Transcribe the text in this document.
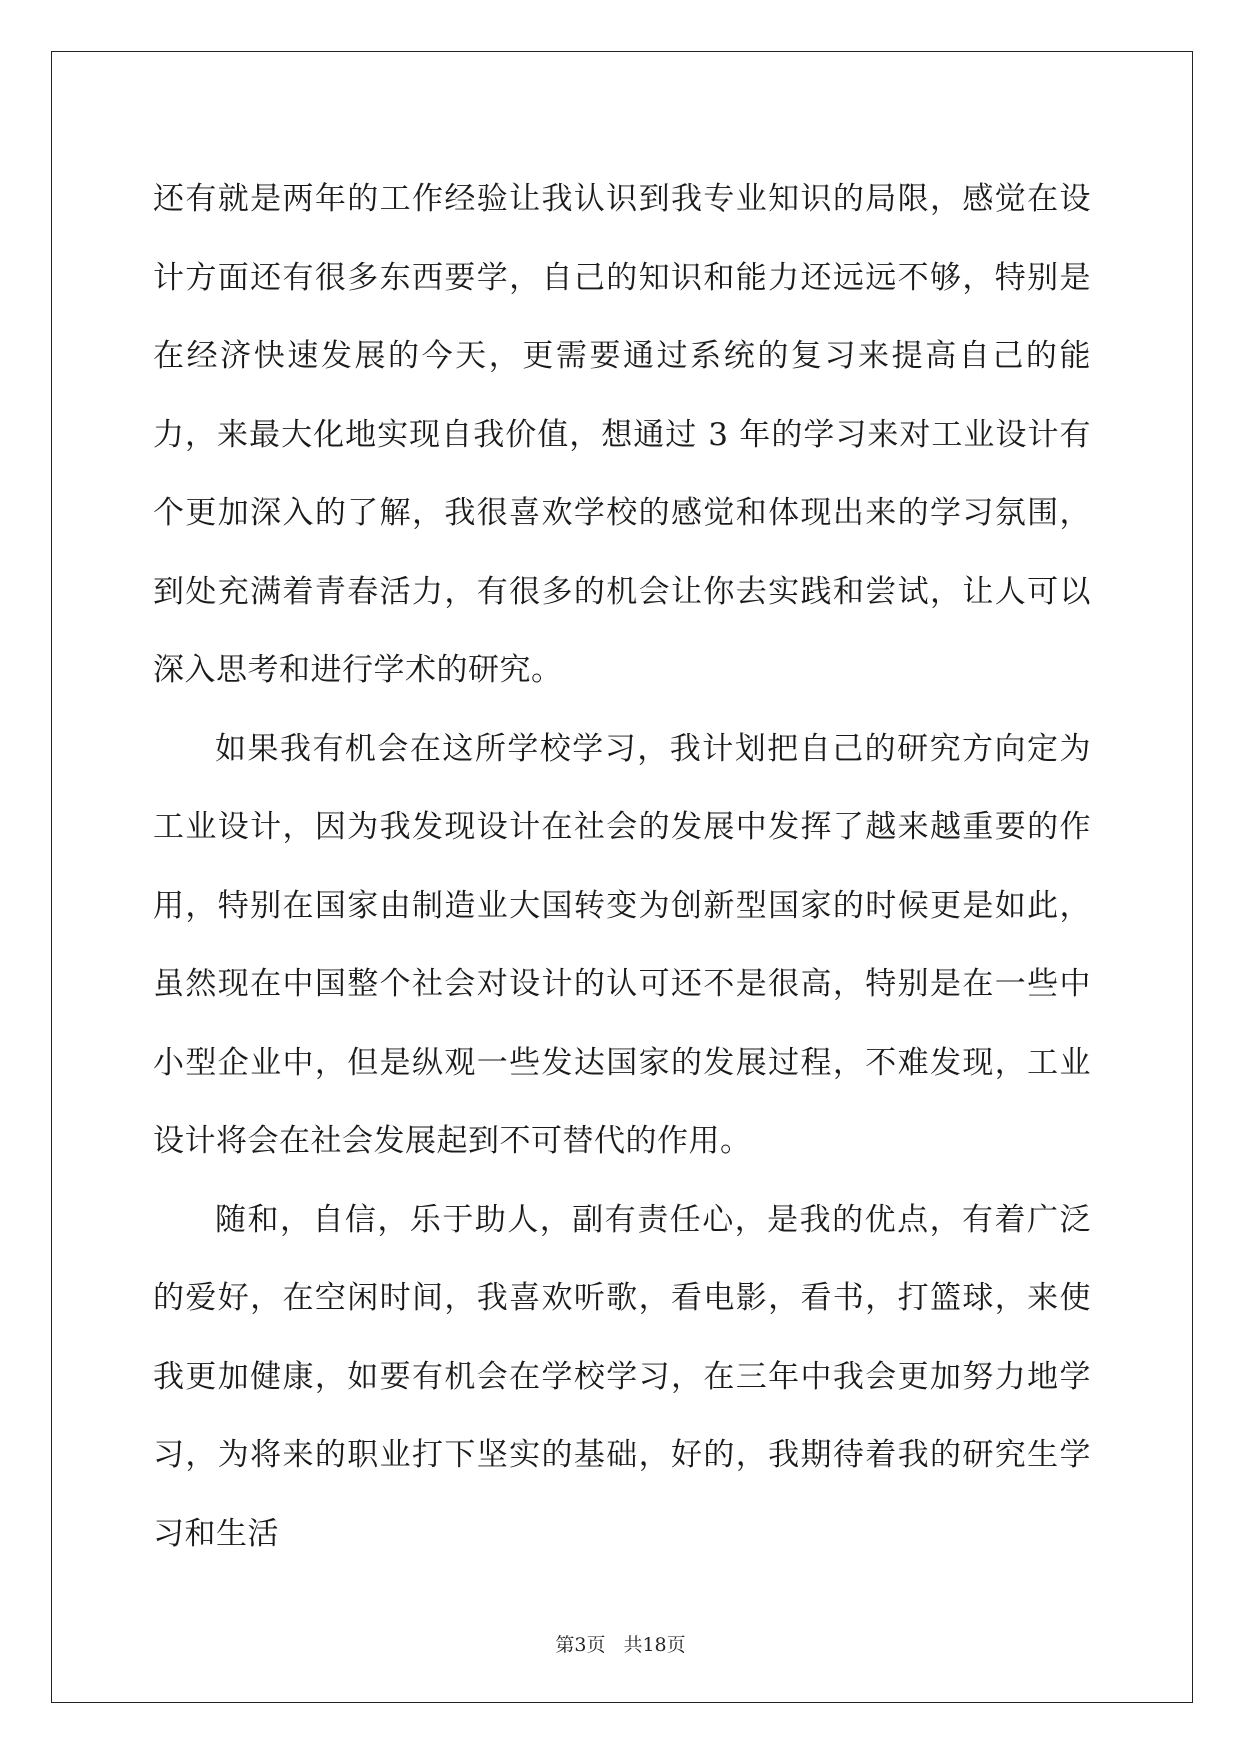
还有就是两年的工作经验让我认识到我专业知识的局限，感觉在设计方面还有很多东西要学，自己的知识和能力还远远不够，特别是在经济快速发展的今天，更需要通过系统的复习来提高自己的能力，来最大化地实现自我价值，想通过 3 年的学习来对工业设计有个更加深入的了解，我很喜欢学校的感觉和体现出来的学习氛围，到处充满着青春活力，有很多的机会让你去实践和尝试，让人可以深入思考和进行学术的研究。

如果我有机会在这所学校学习，我计划把自己的研究方向定为工业设计，因为我发现设计在社会的发展中发挥了越来越重要的作用，特别在国家由制造业大国转变为创新型国家的时候更是如此，虽然现在中国整个社会对设计的认可还不是很高，特别是在一些中小型企业中，但是纵观一些发达国家的发展过程，不难发现，工业设计将会在社会发展起到不可替代的作用。

随和，自信，乐于助人，副有责任心，是我的优点，有着广泛的爱好，在空闲时间，我喜欢听歌，看电影，看书，打篮球，来使我更加健康，如要有机会在学校学习，在三年中我会更加努力地学习，为将来的职业打下坚实的基础，好的，我期待着我的研究生学习和生活

第3页 共18页
